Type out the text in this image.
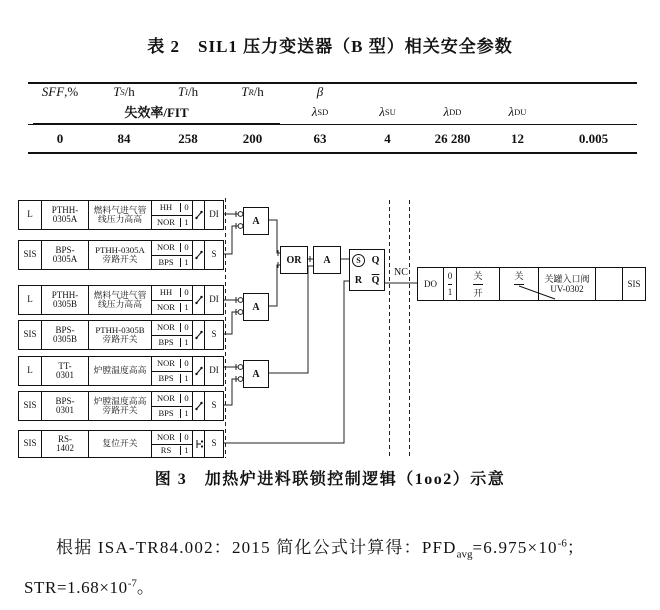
表 2　SIL1 压力变送器（B 型）相关安全参数
失效率/FIT
SFF ,%	T S /h	T I /h	T R /h	β
λ SD	λ SU	λ DD	λ DU
0	84	258	200	63	4	26 280	12	0.005
L	PTHH-
0305A
燃料气进气管
线压力高高
HH	0
NOR	1
DI
SIS	BPS-
0305A
PTHH-0305A
旁路开关
NOR	0
BPS	1
S
L	PTHH-
0305B
燃料气进气管
线压力高高
HH	0
NOR	1
DI
SIS	BPS-
0305B
PTHH-0305B
旁路开关
NOR	0
BPS	1
S
L	TT-
0301 炉膛温度高高
NOR	0
BPS	1
DI
SIS	BPS-
0301
炉膛温度高高
旁路开关
NOR	0
BPS	1
S
SIS	RS-
1402	复位开关
NOR	0
RS	1
S
A
A
A
OR	A	S	Q
R $\overline{Q}$
NC
DO
0
1
关
开
关 关罐入口阀
UV-0302	SIS
图 3　加热炉进料联锁控制逻辑（1oo2）示意
根据 ISA-TR84.002：2015 简化公式计算得：$PFD_{avg}=6.975\times 10^{-6}$；
$STR=1.68\times 10^{-7}$。
